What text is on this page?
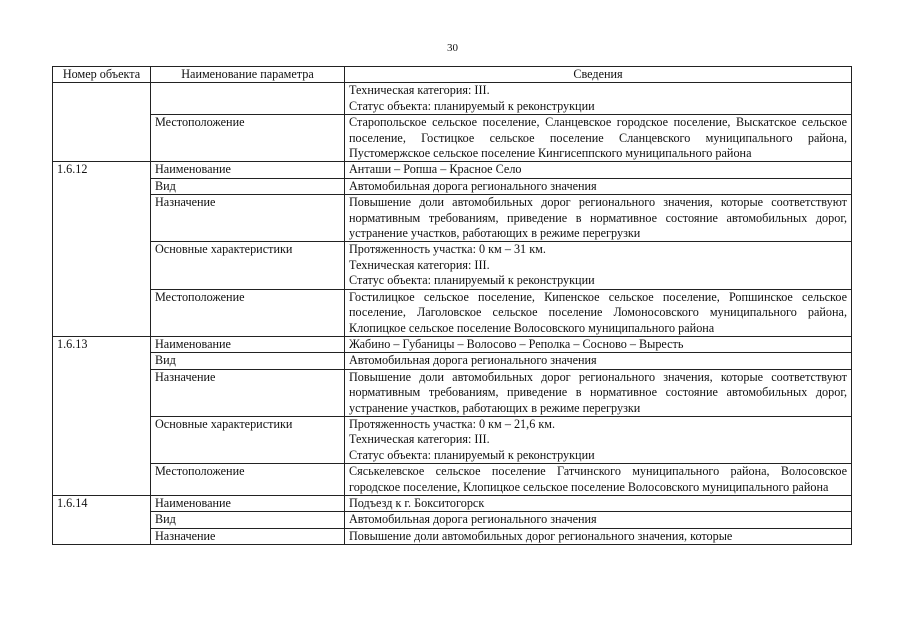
30
Номер объекта	Наименование параметра	Сведения

		Техническая категория: III.
Статус объекта: планируемый к реконструкции

	Местоположение	Старопольское сельское поселение, Сланцевское городское поселение, Выскатское сельское поселение, Гостицкое сельское поселение Сланцевского муниципального района, Пустомержское сельское поселение Кингисеппского муниципального района

1.6.12	Наименование	Анташи – Ропша – Красное Село

	Вид	Автомобильная дорога регионального значения

	Назначение	Повышение доли автомобильных дорог регионального значения, которые соответствуют нормативным требованиям, приведение в нормативное состояние автомобильных дорог, устранение участков, работающих в режиме перегрузки

	Основные характеристики	Протяженность участка: 0 км – 31 км.
Техническая категория: III.
Статус объекта: планируемый к реконструкции

	Местоположение	Гостилицкое сельское поселение, Кипенское сельское поселение, Ропшинское сельское поселение, Лаголовское сельское поселение Ломоносовского муниципального района, Клопицкое сельское поселение Волосовского муниципального района

1.6.13	Наименование	Жабино – Губаницы – Волосово – Реполка – Сосново – Выресть

	Вид	Автомобильная дорога регионального значения

	Назначение	Повышение доли автомобильных дорог регионального значения, которые соответствуют нормативным требованиям, приведение в нормативное состояние автомобильных дорог, устранение участков, работающих в режиме перегрузки

	Основные характеристики	Протяженность участка: 0 км – 21,6 км.
Техническая категория: III.
Статус объекта: планируемый к реконструкции

	Местоположение	Сяськелевское сельское поселение Гатчинского муниципального района, Волосовское городское поселение, Клопицкое сельское поселение Волосовского муниципального района

1.6.14	Наименование	Подъезд к г. Бокситогорск

	Вид	Автомобильная дорога регионального значения

	Назначение	Повышение доли автомобильных дорог регионального значения, которые
